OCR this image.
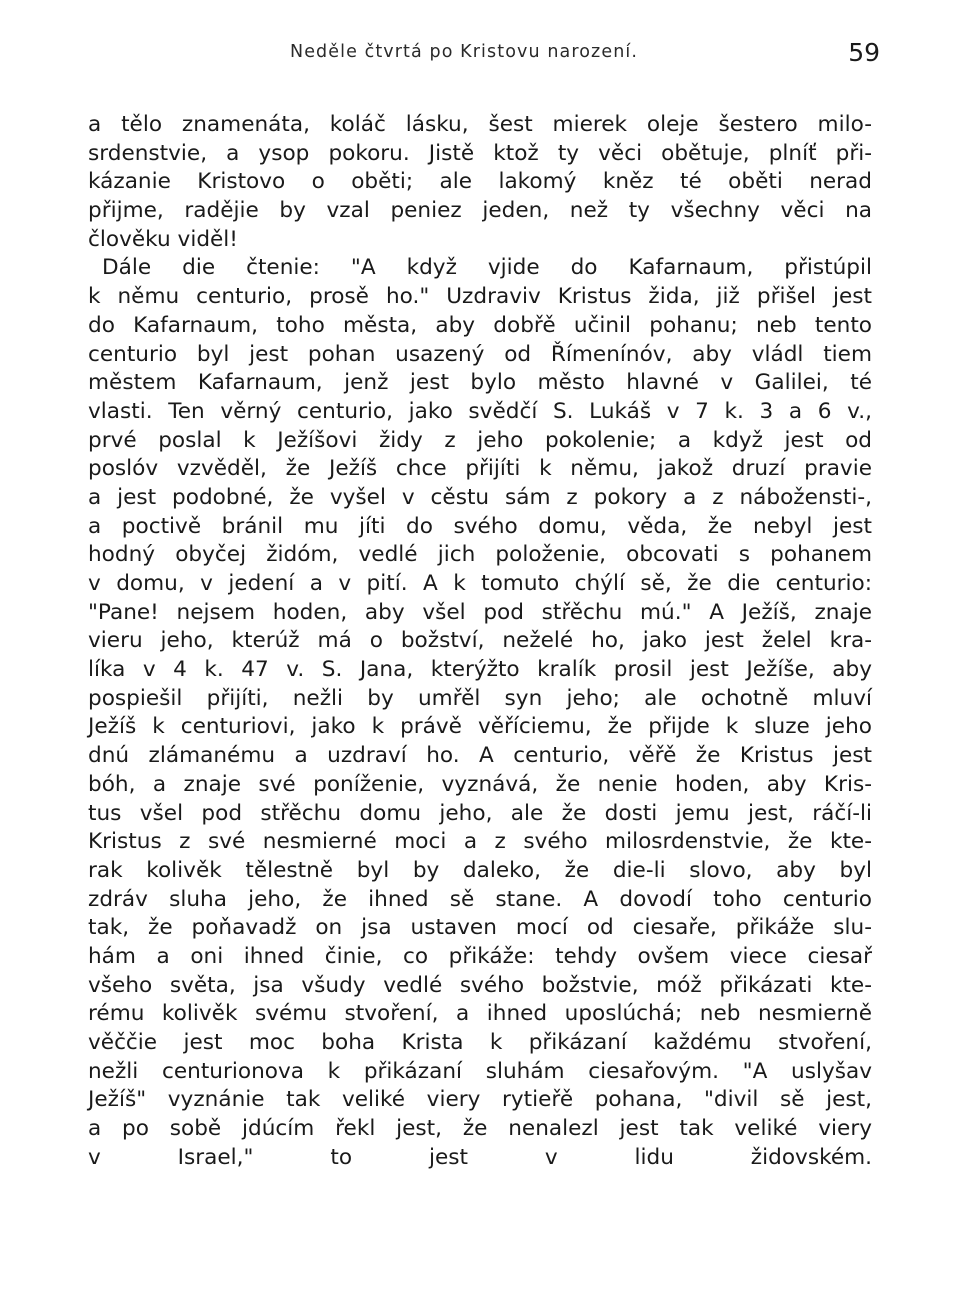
Neděle čtvrtá po Kristovu narození.	59
a tělo znamenáta, koláč lásku, šest mierek oleje šestero milo-
srdenstvie, a ysop pokoru. Jistě ktož ty věci obětuje, plníť při-
kázanie Kristovo o oběti; ale lakomý kněz té oběti nerad
přijme, radějie by vzal peniez jeden, než ty všechny věci na
člověku viděl!
Dále die čtenie: "A když vjide do Kafarnaum, přistúpil
k němu centurio, prosě ho." Uzdraviv Kristus žida, již přišel jest
do Kafarnaum, toho města, aby dobřě učinil pohanu; neb tento
centurio byl jest pohan usazený od Římenínóv, aby vládl tiem
městem Kafarnaum, jenž jest bylo město hlavné v Galilei, té
vlasti. Ten věrný centurio, jako svědčí S. Lukáš v 7 k. 3 a 6 v.,
prvé poslal k Ježíšovi židy z jeho pokolenie; a když jest od
poslóv vzvěděl, že Ježíš chce přijíti k němu, jakož druzí pravie
a jest podobné, že vyšel v cěstu sám z pokory a z nábožensti-,
a poctivě bránil mu jíti do svého domu, věda, že nebyl jest
hodný obyčej židóm, vedlé jich položenie, obcovati s pohanem
v domu, v jedení a v pití. A k tomuto chýlí sě, že die centurio:
"Pane! nejsem hoden, aby všel pod střěchu mú." A Ježíš, znaje
vieru jeho, kterúž má o božství, neželé ho, jako jest želel kra-
líka v 4 k. 47 v. S. Jana, kterýžto kralík prosil jest Ježíše, aby
pospiešil přijíti, nežli by umřěl syn jeho; ale ochotně mluví
Ježíš k centuriovi, jako k právě věříciemu, že přijde k sluze jeho
dnú zlámanému a uzdraví ho. A centurio, věřě že Kristus jest
bóh, a znaje své poníženie, vyznává, že nenie hoden, aby Kris-
tus všel pod střěchu domu jeho, ale že dosti jemu jest, ráčí-li
Kristus z své nesmierné moci a z svého milosrdenstvie, že kte-
rak kolivěk tělestně byl by daleko, že die-li slovo, aby byl
zdráv sluha jeho, že ihned sě stane. A dovodí toho centurio
tak, že poňavadž on jsa ustaven mocí od ciesaře, přikáže slu-
hám a oni ihned činie, co přikáže: tehdy ovšem viece ciesař
všeho světa, jsa všudy vedlé svého božstvie, móž přikázati kte-
rému kolivěk svému stvoření, a ihned uposlúchá; neb nesmierně
věččie jest moc boha Krista k přikázaní každému stvoření,
nežli centurionova k přikázaní sluhám ciesařovým. "A uslyšav
Ježíš" vyznánie tak veliké viery rytieřě pohana, "divil sě jest,
a po sobě jdúcím řekl jest, že nenalezl jest tak veliké viery
v Israel," to jest v lidu židovském.
